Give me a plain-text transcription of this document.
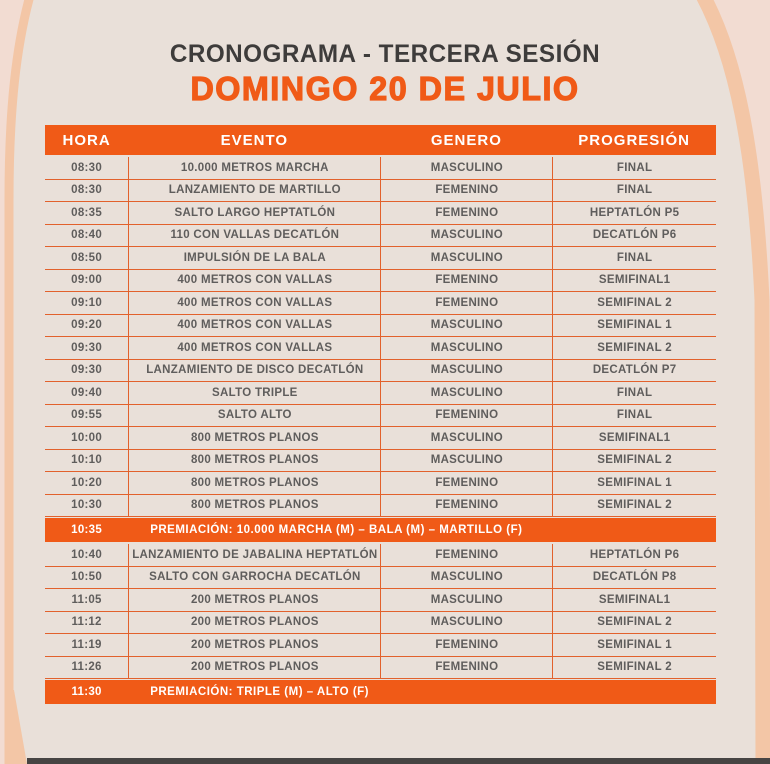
CRONOGRAMA - TERCERA SESIÓN
DOMINGO 20 DE JULIO
HORA	EVENTO	GENERO	PROGRESIÓN
08:30	10.000 METROS MARCHA	MASCULINO	FINAL
08:30	LANZAMIENTO DE MARTILLO	FEMENINO	FINAL
08:35	SALTO LARGO HEPTATLÓN	FEMENINO	HEPTATLÓN P5
08:40	110 CON VALLAS DECATLÓN	MASCULINO	DECATLÓN P6
08:50	IMPULSIÓN DE LA BALA	MASCULINO	FINAL
09:00	400 METROS CON VALLAS	FEMENINO	SEMIFINAL1
09:10	400 METROS CON VALLAS	FEMENINO	SEMIFINAL 2
09:20	400 METROS CON VALLAS	MASCULINO	SEMIFINAL 1
09:30	400 METROS CON VALLAS	MASCULINO	SEMIFINAL 2
09:30	LANZAMIENTO DE DISCO DECATLÓN	MASCULINO	DECATLÓN P7
09:40	SALTO TRIPLE	MASCULINO	FINAL
09:55	SALTO ALTO	FEMENINO	FINAL
10:00	800 METROS PLANOS	MASCULINO	SEMIFINAL1
10:10	800 METROS PLANOS	MASCULINO	SEMIFINAL 2
10:20	800 METROS PLANOS	FEMENINO	SEMIFINAL 1
10:30	800 METROS PLANOS	FEMENINO	SEMIFINAL 2
10:35	PREMIACIÓN: 10.000 MARCHA (M) – BALA (M) – MARTILLO (F)
10:40	LANZAMIENTO DE JABALINA HEPTATLÓN	FEMENINO	HEPTATLÓN P6
10:50	SALTO CON GARROCHA DECATLÓN	MASCULINO	DECATLÓN P8
11:05	200 METROS PLANOS	MASCULINO	SEMIFINAL1
11:12	200 METROS PLANOS	MASCULINO	SEMIFINAL 2
11:19	200 METROS PLANOS	FEMENINO	SEMIFINAL 1
11:26	200 METROS PLANOS	FEMENINO	SEMIFINAL 2
11:30	PREMIACIÓN: TRIPLE (M) – ALTO (F)
